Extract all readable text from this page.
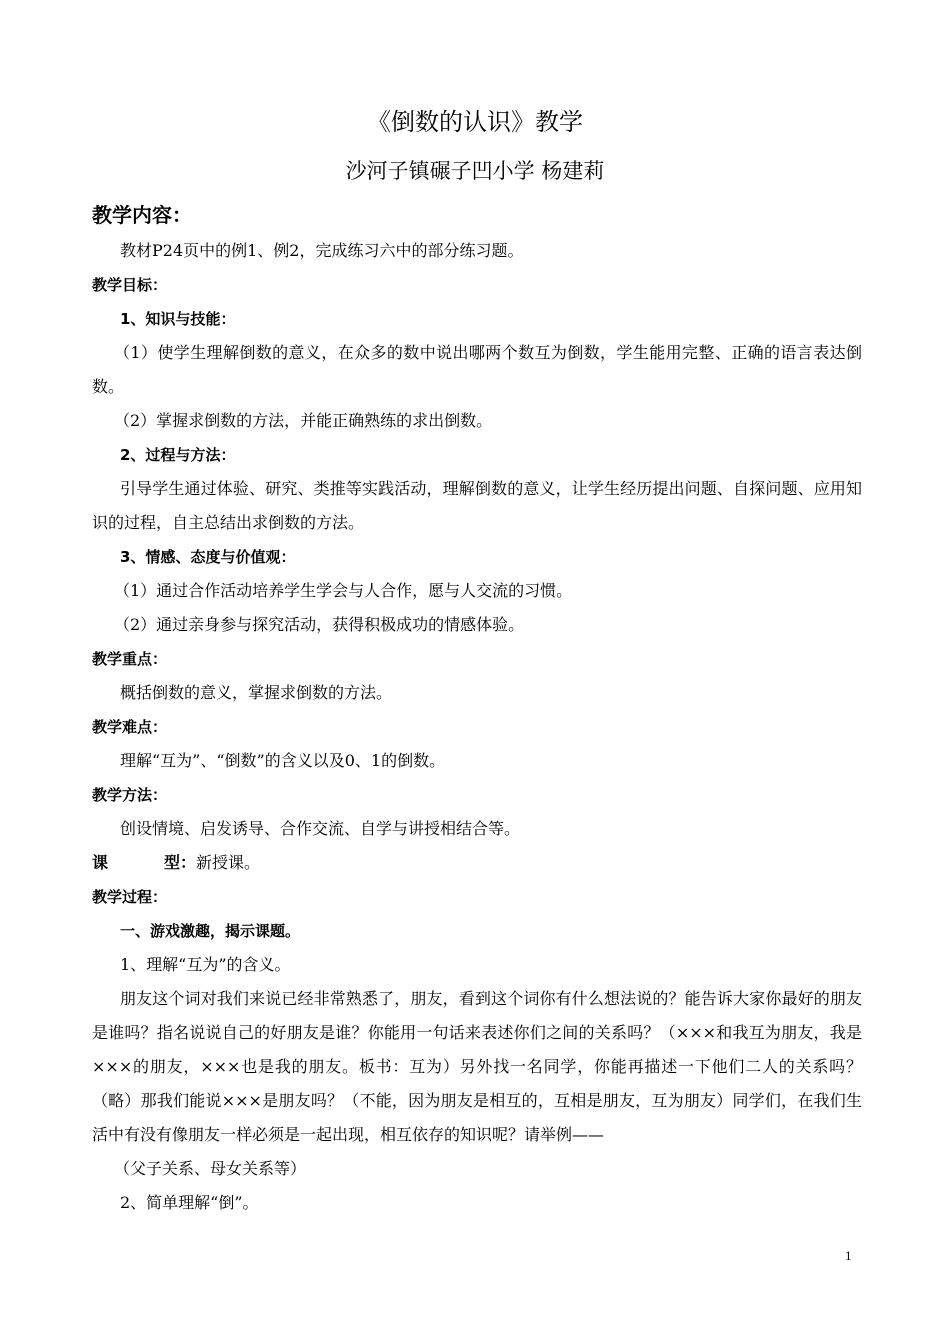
《倒数的认识》教学
沙河子镇碾子凹小学 杨建莉

教学内容：

教材P24页中的例1、例2，完成练习六中的部分练习题。

教学目标：

1、知识与技能：

（1）使学生理解倒数的意义，在众多的数中说出哪两个数互为倒数，学生能用完整、正确的语言表达倒数。

（2）掌握求倒数的方法，并能正确熟练的求出倒数。

2、过程与方法：

引导学生通过体验、研究、类推等实践活动，理解倒数的意义，让学生经历提出问题、自探问题、应用知识的过程，自主总结出求倒数的方法。

3、情感、态度与价值观：

（1）通过合作活动培养学生学会与人合作，愿与人交流的习惯。

（2）通过亲身参与探究活动，获得积极成功的情感体验。

教学重点：

概括倒数的意义，掌握求倒数的方法。

教学难点：

理解“互为”、“倒数”的含义以及0、1的倒数。

教学方法：

创设情境、启发诱导、合作交流、自学与讲授相结合等。

课	型：新授课。

教学过程：

一、游戏激趣，揭示课题。

1、理解“互为”的含义。

朋友这个词对我们来说已经非常熟悉了，朋友，看到这个词你有什么想法说的？能告诉大家你最好的朋友是谁吗？指名说说自己的好朋友是谁？你能用一句话来表述你们之间的关系吗？（×××和我互为朋友，我是×××的朋友，×××也是我的朋友。板书：互为）另外找一名同学，你能再描述一下他们二人的关系吗？（略）那我们能说×××是朋友吗？（不能，因为朋友是相互的，互相是朋友，互为朋友）同学们，在我们生活中有没有像朋友一样必须是一起出现，相互依存的知识呢？请举例——

（父子关系、母女关系等）

2、简单理解“倒”。

1
